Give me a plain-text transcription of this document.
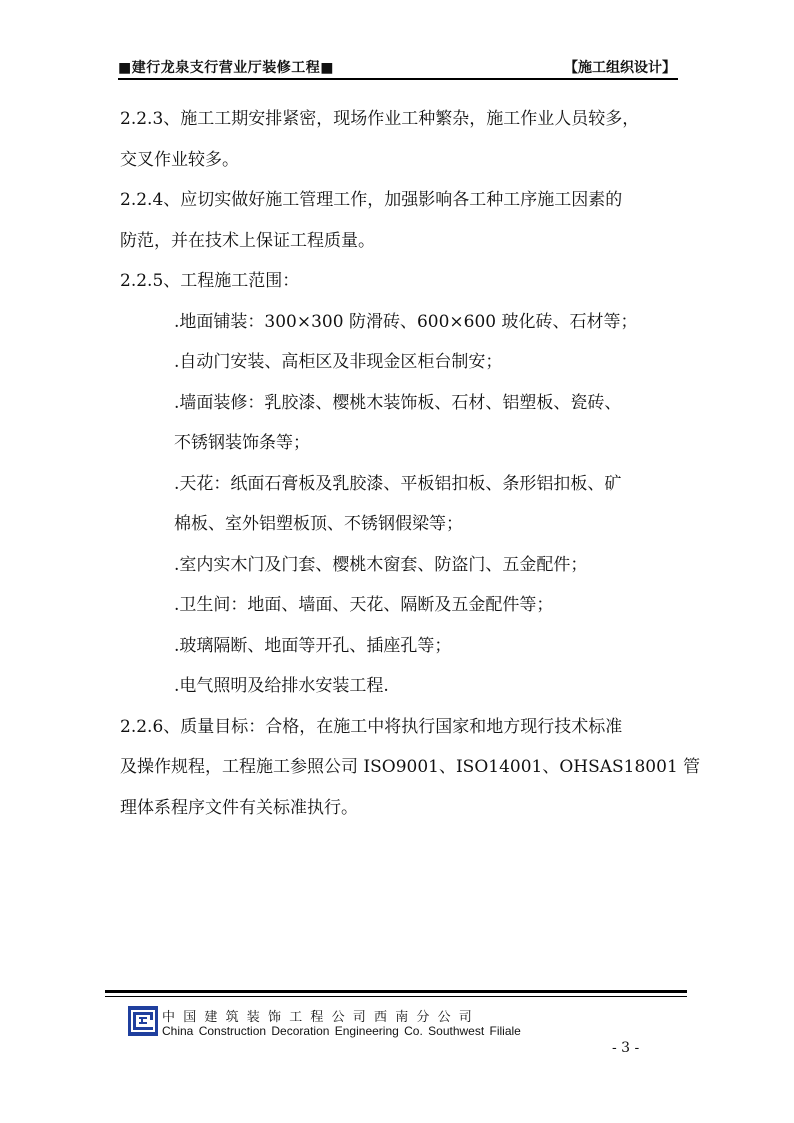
■建行龙泉支行营业厅装修工程■	【施工组织设计】

2.2.3、施工工期安排紧密，现场作业工种繁杂，施工作业人员较多，

交叉作业较多。

2.2.4、应切实做好施工管理工作，加强影响各工种工序施工因素的

防范，并在技术上保证工程质量。

2.2.5、工程施工范围：

.地面铺装：300×300 防滑砖、600×600 玻化砖、石材等；

.自动门安装、高柜区及非现金区柜台制安；

.墙面装修：乳胶漆、樱桃木装饰板、石材、铝塑板、瓷砖、

不锈钢装饰条等；

.天花：纸面石膏板及乳胶漆、平板铝扣板、条形铝扣板、矿

棉板、室外铝塑板顶、不锈钢假梁等；

.室内实木门及门套、樱桃木窗套、防盗门、五金配件；

.卫生间：地面、墙面、天花、隔断及五金配件等；

.玻璃隔断、地面等开孔、插座孔等；

.电气照明及给排水安装工程.

2.2.6、质量目标：合格，在施工中将执行国家和地方现行技术标准

及操作规程，工程施工参照公司 ISO9001、ISO14001、OHSAS18001 管

理体系程序文件有关标准执行。

中国建筑装饰工程公司西南分公司
China Construction Decoration Engineering Co. Southwest Filiale
- 3 -
